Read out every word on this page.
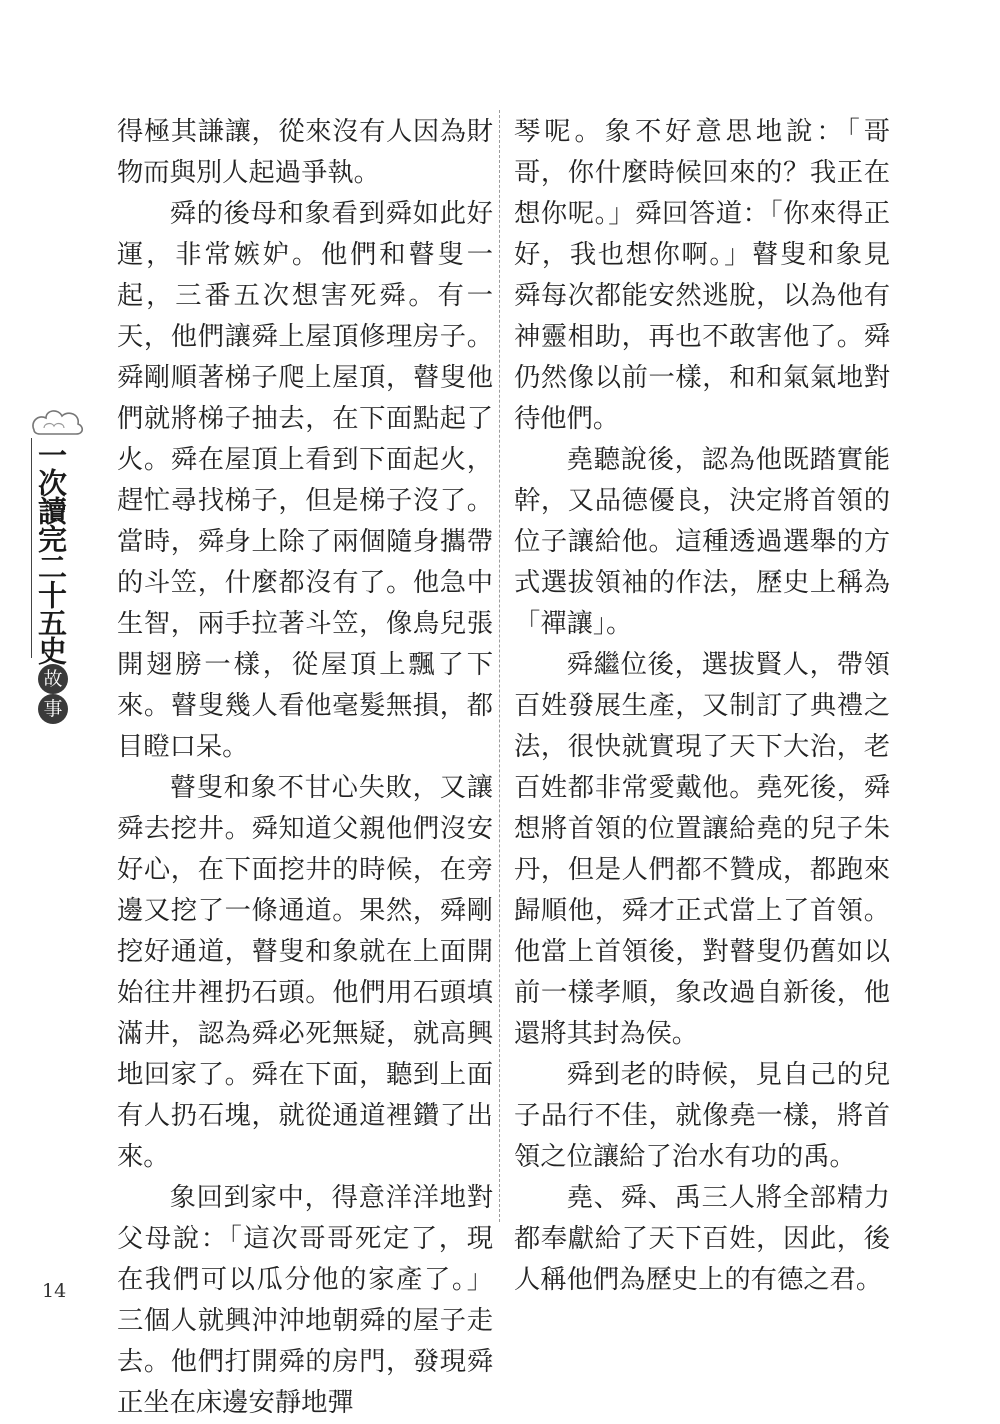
一次讀完二十五史
故
事

得極其謙讓，從來沒有人因為財物而與別人起過爭執。

舜的後母和象看到舜如此好運，非常嫉妒。他們和瞽叟一起，三番五次想害死舜。有一天，他們讓舜上屋頂修理房子。舜剛順著梯子爬上屋頂，瞽叟他們就將梯子抽去，在下面點起了火。舜在屋頂上看到下面起火，趕忙尋找梯子，但是梯子沒了。當時，舜身上除了兩個隨身攜帶的斗笠，什麼都沒有了。他急中生智，兩手拉著斗笠，像鳥兒張開翅膀一樣，從屋頂上飄了下來。瞽叟幾人看他毫髮無損，都目瞪口呆。

瞽叟和象不甘心失敗，又讓舜去挖井。舜知道父親他們沒安好心，在下面挖井的時候，在旁邊又挖了一條通道。果然，舜剛挖好通道，瞽叟和象就在上面開始往井裡扔石頭。他們用石頭填滿井，認為舜必死無疑，就高興地回家了。舜在下面，聽到上面有人扔石塊，就從通道裡鑽了出來。

象回到家中，得意洋洋地對父母說：「這次哥哥死定了，現在我們可以瓜分他的家產了。」三個人就興沖沖地朝舜的屋子走去。他們打開舜的房門，發現舜正坐在床邊安靜地彈

琴呢。象不好意思地說：「哥哥，你什麼時候回來的？我正在想你呢。」舜回答道：「你來得正好，我也想你啊。」瞽叟和象見舜每次都能安然逃脫，以為他有神靈相助，再也不敢害他了。舜仍然像以前一樣，和和氣氣地對待他們。

堯聽說後，認為他既踏實能幹，又品德優良，決定將首領的位子讓給他。這種透過選舉的方式選拔領袖的作法，歷史上稱為「禪讓」。

舜繼位後，選拔賢人，帶領百姓發展生產，又制訂了典禮之法，很快就實現了天下大治，老百姓都非常愛戴他。堯死後，舜想將首領的位置讓給堯的兒子朱丹，但是人們都不贊成，都跑來歸順他，舜才正式當上了首領。他當上首領後，對瞽叟仍舊如以前一樣孝順，象改過自新後，他還將其封為侯。

舜到老的時候，見自己的兒子品行不佳，就像堯一樣，將首領之位讓給了治水有功的禹。

堯、舜、禹三人將全部精力都奉獻給了天下百姓，因此，後人稱他們為歷史上的有德之君。

14
